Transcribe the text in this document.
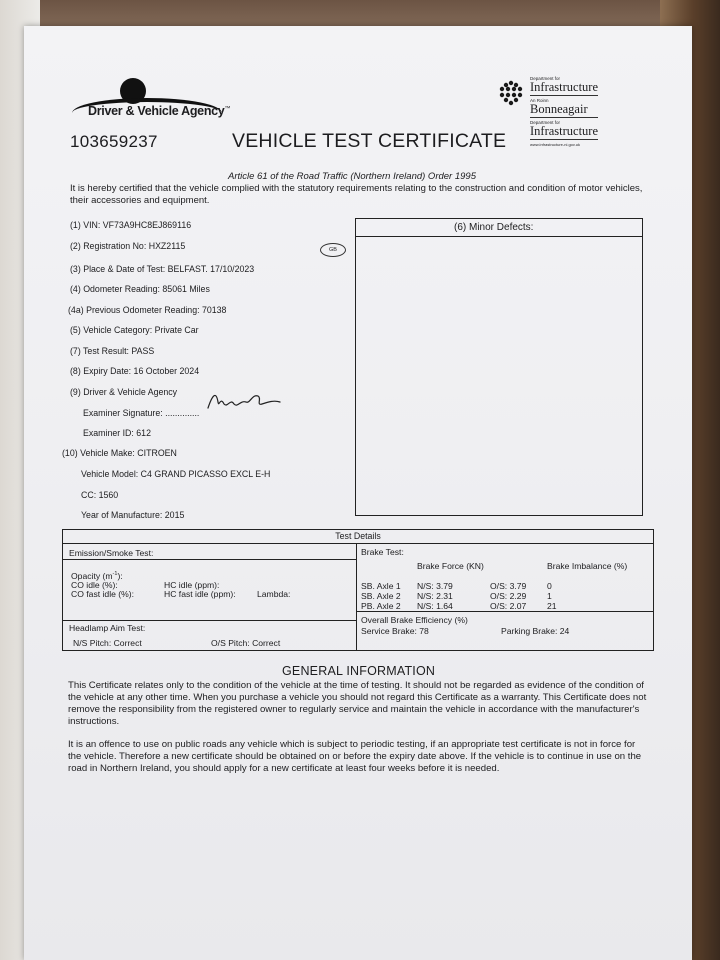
Driver & Vehicle Agency™
Department for
Infrastructure
An Roinn
Bonneagair
Department for
Infrastructure
www.infrastructure-ni.gov.uk
103659237	VEHICLE TEST CERTIFICATE
Article 61 of the Road Traffic (Northern Ireland) Order 1995
It is hereby certified that the vehicle complied with the statutory requirements relating to the construction and condition of motor vehicles, their accessories and equipment.
(1) VIN: VF73A9HC8EJ869116
(2) Registration No: HXZ2115	GB
(3) Place & Date of Test: BELFAST. 17/10/2023
(4) Odometer Reading: 85061 Miles
(4a) Previous Odometer Reading: 70138
(5) Vehicle Category: Private Car
(7) Test Result: PASS
(8) Expiry Date: 16 October 2024
(9) Driver & Vehicle Agency
Examiner Signature: ..............
Examiner ID: 612
(10) Vehicle Make: CITROEN
Vehicle Model: C4 GRAND PICASSO EXCL E-H
CC: 1560
Year of Manufacture: 2015
(6) Minor Defects:
Test Details
Emission/Smoke Test:
Opacity $(m^{-1})$:
CO idle (%):
CO fast idle (%):
HC idle (ppm):
HC fast idle (ppm): Lambda:
Headlamp Aim Test:
N/S Pitch: Correct	O/S Pitch: Correct
Brake Test:
Brake Force (KN)	Brake Imbalance (%)
SB. Axle 1 N/S: 3.79	O/S: 3.79 0
SB. Axle 2 N/S: 2.31	O/S: 2.29 1
PB. Axle 2 N/S: 1.64	O/S: 2.07 21
Overall Brake Efficiency (%)
Service Brake: 78	Parking Brake: 24
GENERAL INFORMATION
This Certificate relates only to the condition of the vehicle at the time of testing. It should not be regarded as evidence of the condition of the vehicle at any other time. When you purchase a vehicle you should not regard this Certificate as a warranty. This Certificate does not remove the responsibility from the registered owner to regularly service and maintain the vehicle in accordance with the manufacturer's instructions.
It is an offence to use on public roads any vehicle which is subject to periodic testing, if an appropriate test certificate is not in force for the vehicle. Therefore a new certificate should be obtained on or before the expiry date above. If the vehicle is to continue in use on the road in Northern Ireland, you should apply for a new certificate at least four weeks before it is needed.
